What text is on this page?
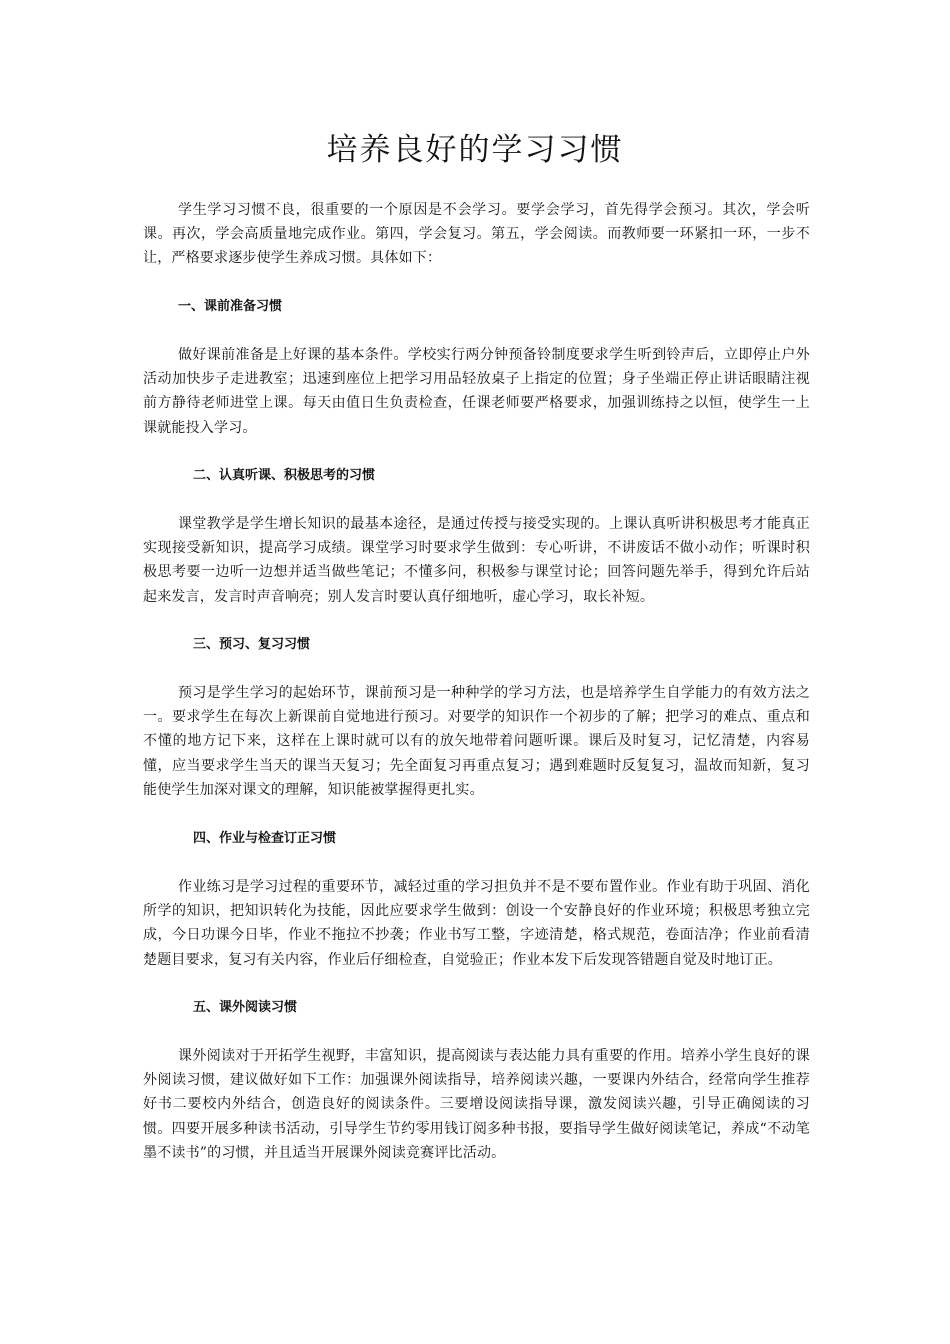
培养良好的学习习惯

学生学习习惯不良，很重要的一个原因是不会学习。要学会学习，首先得学会预习。其次，学会听课。再次，学会高质量地完成作业。第四，学会复习。第五，学会阅读。而教师要一环紧扣一环，一步不让，严格要求逐步使学生养成习惯。具体如下：

一、课前准备习惯

做好课前准备是上好课的基本条件。学校实行两分钟预备铃制度要求学生听到铃声后，立即停止户外活动加快步子走进教室；迅速到座位上把学习用品轻放桌子上指定的位置；身子坐端正停止讲话眼睛注视前方静待老师进堂上课。每天由值日生负责检查，任课老师要严格要求，加强训练持之以恒，使学生一上课就能投入学习。

二、认真听课、积极思考的习惯

课堂教学是学生增长知识的最基本途径，是通过传授与接受实现的。上课认真听讲积极思考才能真正实现接受新知识，提高学习成绩。课堂学习时要求学生做到：专心听讲，不讲废话不做小动作；听课时积极思考要一边听一边想并适当做些笔记；不懂多问，积极参与课堂讨论；回答问题先举手，得到允许后站起来发言，发言时声音响亮；别人发言时要认真仔细地听，虚心学习，取长补短。

三、预习、复习习惯

预习是学生学习的起始环节，课前预习是一种种学的学习方法，也是培养学生自学能力的有效方法之一。要求学生在每次上新课前自觉地进行预习。对要学的知识作一个初步的了解；把学习的难点、重点和不懂的地方记下来，这样在上课时就可以有的放矢地带着问题听课。课后及时复习，记忆清楚，内容易懂，应当要求学生当天的课当天复习；先全面复习再重点复习；遇到难题时反复复习，温故而知新，复习能使学生加深对课文的理解，知识能被掌握得更扎实。

四、作业与检查订正习惯

作业练习是学习过程的重要环节，减轻过重的学习担负并不是不要布置作业。作业有助于巩固、消化所学的知识，把知识转化为技能，因此应要求学生做到：创设一个安静良好的作业环境；积极思考独立完成，今日功课今日毕，作业不拖拉不抄袭；作业书写工整，字迹清楚，格式规范，卷面洁净；作业前看清楚题目要求，复习有关内容，作业后仔细检查，自觉验正；作业本发下后发现答错题自觉及时地订正。

五、课外阅读习惯

课外阅读对于开拓学生视野，丰富知识，提高阅读与表达能力具有重要的作用。培养小学生良好的课外阅读习惯，建议做好如下工作：加强课外阅读指导，培养阅读兴趣，一要课内外结合，经常向学生推荐好书二要校内外结合，创造良好的阅读条件。三要增设阅读指导课，激发阅读兴趣，引导正确阅读的习惯。四要开展多种读书活动，引导学生节约零用钱订阅多种书报，要指导学生做好阅读笔记，养成“不动笔墨不读书”的习惯，并且适当开展课外阅读竞赛评比活动。
